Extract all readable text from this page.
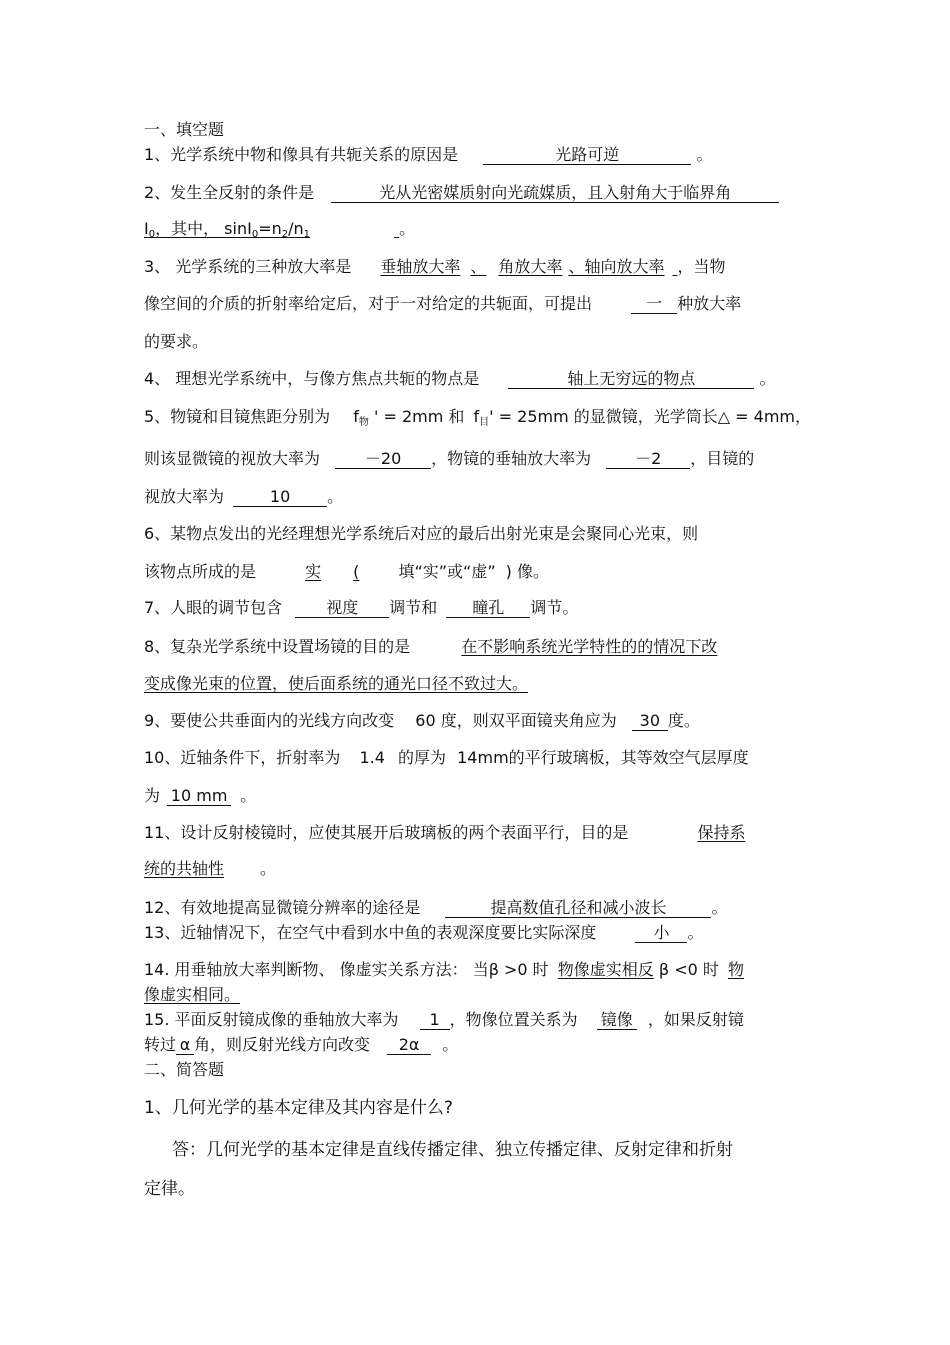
一、填空题
1、光学系统中物和像具有共轭关系的原因是	光路可逆	。
2、发生全反射的条件是	光从光密媒质射向光疏媒质，且入射角大于临界角
$I_0$，其中， $\sin I_0=n_2/n_1$	。
3、 光学系统的三种放大率是 垂轴放大率 、 角放大率 、轴向放大率 ，当物
像空间的介质的折射率给定后，对于一对给定的共轭面，可提出	一 种放大率
的要求。
4、 理想光学系统中，与像方焦点共轭的物点是	轴上无穷远的物点	。
5、物镜和目镜焦距分别为 $f_物$ ' = 2mm 和 $f_目' = 25mm$ 的显微镜，光学筒长△ = 4mm，
则该显微镜的视放大率为	－20 ，物镜的垂轴放大率为	－2 ，目镜的
视放大率为	10 。
6、某物点发出的光经理想光学系统后对应的最后出射光束是会聚同心光束，则
该物点所成的是	实 ( 填“实”或“虚” ) 像。
7、人眼的调节包含	视度 调节和 瞳孔 调节。
8、复杂光学系统中设置场镜的目的是	在不影响系统光学特性的的情况下改
变成像光束的位置，使后面系统的通光口径不致过大。
9、要使公共垂面内的光线方向改变 60 度，则双平面镜夹角应为 30 度。
10、近轴条件下，折射率为 1.4 的厚为 14mm的平行玻璃板，其等效空气层厚度
为 10 mm 。
11、设计反射棱镜时，应使其展开后玻璃板的两个表面平行，目的是	保持系
统的共轴性 。
12、有效地提高显微镜分辨率的途径是	提高数值孔径和减小波长	。
13、近轴情况下，在空气中看到水中鱼的表观深度要比实际深度	小 。
14. 用垂轴放大率判断物、 像虚实关系方法： 当β >0 时 物像虚实相反 β <0 时 物
像虚实相同。
15. 平面反射镜成像的垂轴放大率为 1 ，物像位置关系为 镜像 ，如果反射镜
转过 α 角，则反射光线方向改变 2α 。
二、简答题
1、几何光学的基本定律及其内容是什么?
答：几何光学的基本定律是直线传播定律、独立传播定律、反射定律和折射
定律。
